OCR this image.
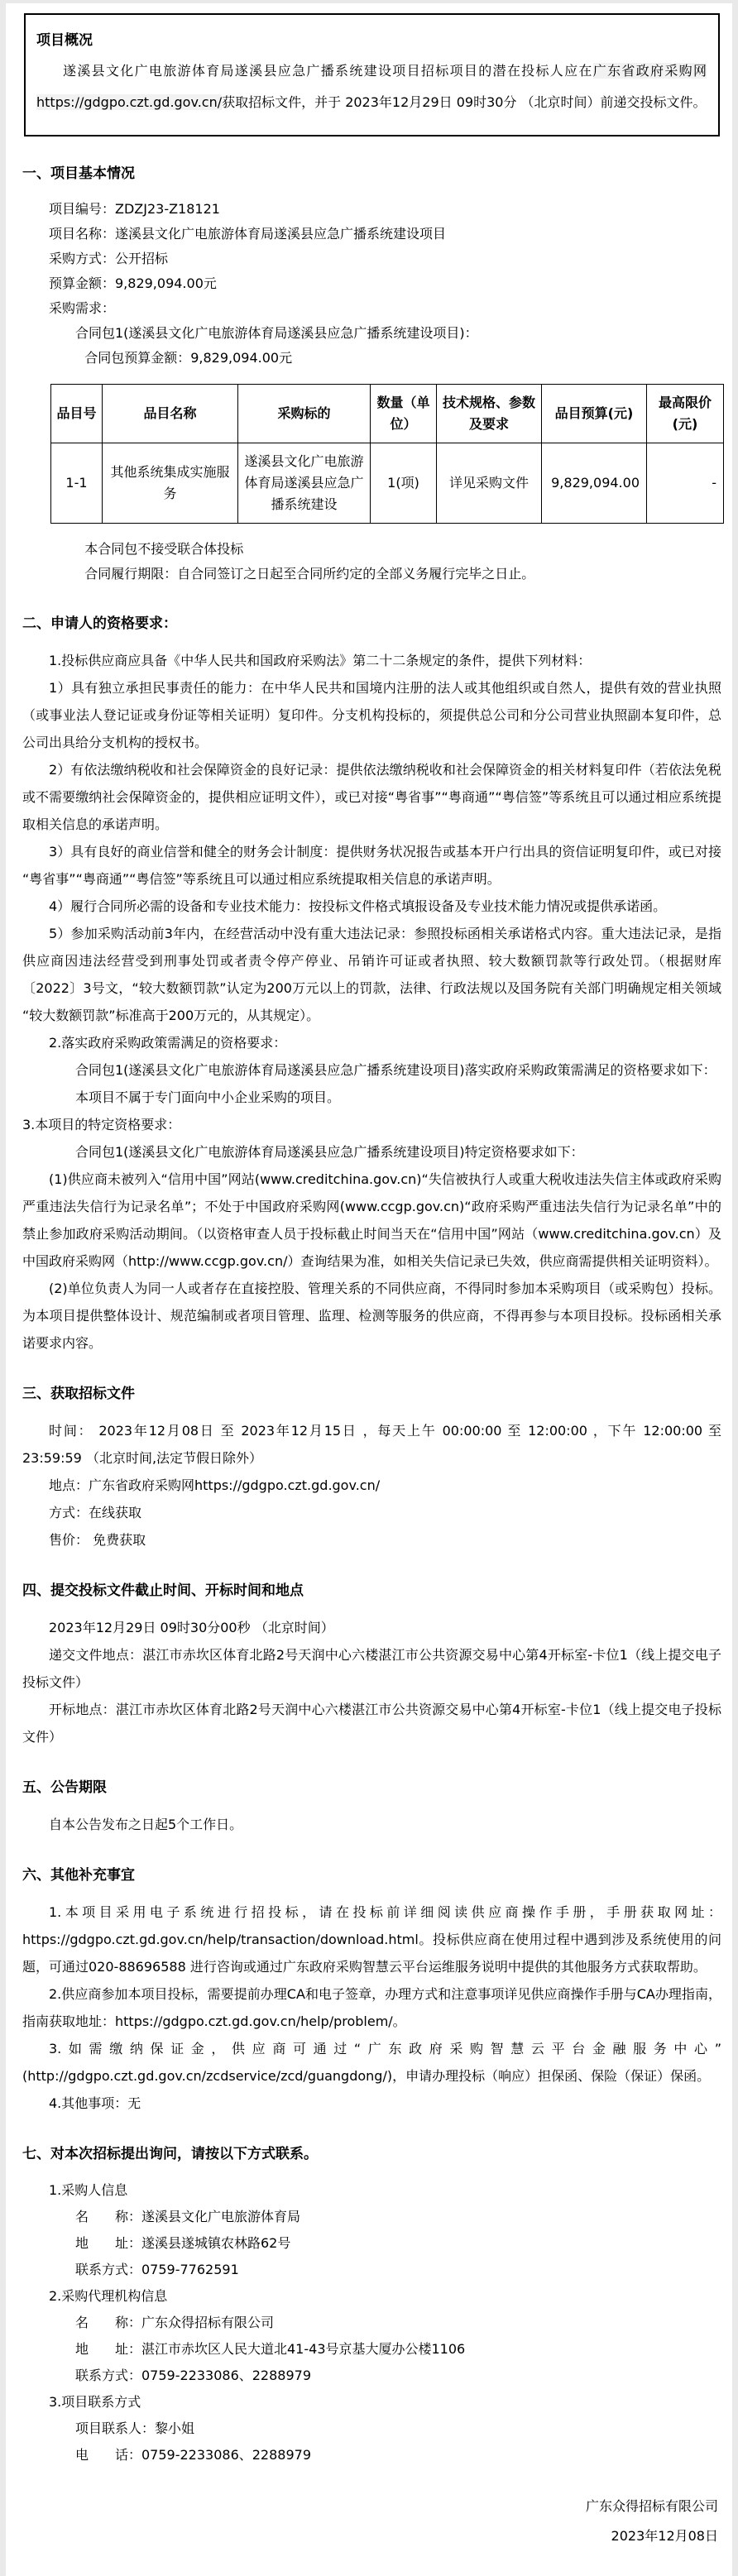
项目概况

遂溪县文化广电旅游体育局遂溪县应急广播系统建设项目招标项目的潜在投标人应在广东省政府采购网https://gdgpo.czt.gd.gov.cn/获取招标文件，并于 2023年12月29日 09时30分 （北京时间）前递交投标文件。

一、项目基本情况

项目编号：ZDZJ23-Z18121

项目名称：遂溪县文化广电旅游体育局遂溪县应急广播系统建设项目

采购方式：公开招标

预算金额：9,829,094.00元

采购需求：

合同包1(遂溪县文化广电旅游体育局遂溪县应急广播系统建设项目)：

合同包预算金额：9,829,094.00元

品目号	品目名称	采购标的	数量（单位）	技术规格、参数及要求	品目预算(元)	最高限价(元)
1-1	其他系统集成实施服务	遂溪县文化广电旅游体育局遂溪县应急广播系统建设	1(项)	详见采购文件	9,829,094.00	-

本合同包不接受联合体投标

合同履行期限：自合同签订之日起至合同所约定的全部义务履行完毕之日止。

二、申请人的资格要求：

1.投标供应商应具备《中华人民共和国政府采购法》第二十二条规定的条件，提供下列材料：

1）具有独立承担民事责任的能力：在中华人民共和国境内注册的法人或其他组织或自然人，提供有效的营业执照（或事业法人登记证或身份证等相关证明）复印件。分支机构投标的，须提供总公司和分公司营业执照副本复印件，总公司出具给分支机构的授权书。

2）有依法缴纳税收和社会保障资金的良好记录：提供依法缴纳税收和社会保障资金的相关材料复印件（若依法免税或不需要缴纳社会保障资金的，提供相应证明文件），或已对接“粤省事”“粤商通”“粤信签”等系统且可以通过相应系统提取相关信息的承诺声明。

3）具有良好的商业信誉和健全的财务会计制度：提供财务状况报告或基本开户行出具的资信证明复印件，或已对接“粤省事”“粤商通”“粤信签”等系统且可以通过相应系统提取相关信息的承诺声明。

4）履行合同所必需的设备和专业技术能力：按投标文件格式填报设备及专业技术能力情况或提供承诺函。

5）参加采购活动前3年内，在经营活动中没有重大违法记录：参照投标函相关承诺格式内容。重大违法记录，是指供应商因违法经营受到刑事处罚或者责令停产停业、吊销许可证或者执照、较大数额罚款等行政处罚。（根据财库〔2022〕3号文，“较大数额罚款”认定为200万元以上的罚款，法律、行政法规以及国务院有关部门明确规定相关领域“较大数额罚款”标准高于200万元的，从其规定）。

2.落实政府采购政策需满足的资格要求：

合同包1(遂溪县文化广电旅游体育局遂溪县应急广播系统建设项目)落实政府采购政策需满足的资格要求如下：

本项目不属于专门面向中小企业采购的项目。

3.本项目的特定资格要求：

合同包1(遂溪县文化广电旅游体育局遂溪县应急广播系统建设项目)特定资格要求如下：

(1)供应商未被列入“信用中国”网站(www.creditchina.gov.cn)“失信被执行人或重大税收违法失信主体或政府采购严重违法失信行为记录名单”；不处于中国政府采购网(www.ccgp.gov.cn)“政府采购严重违法失信行为记录名单”中的禁止参加政府采购活动期间。（以资格审查人员于投标截止时间当天在“信用中国”网站（www.creditchina.gov.cn）及中国政府采购网（http://www.ccgp.gov.cn/）查询结果为准，如相关失信记录已失效，供应商需提供相关证明资料）。

(2)单位负责人为同一人或者存在直接控股、管理关系的不同供应商，不得同时参加本采购项目（或采购包）投标。为本项目提供整体设计、规范编制或者项目管理、监理、检测等服务的供应商，不得再参与本项目投标。投标函相关承诺要求内容。

三、获取招标文件

时间： 2023年12月08日 至 2023年12月15日 ，每天上午 00:00:00 至 12:00:00 ，下午 12:00:00 至 23:59:59 （北京时间,法定节假日除外）

地点：广东省政府采购网https://gdgpo.czt.gd.gov.cn/

方式：在线获取

售价： 免费获取

四、提交投标文件截止时间、开标时间和地点

2023年12月29日 09时30分00秒 （北京时间）

递交文件地点：湛江市赤坎区体育北路2号天润中心六楼湛江市公共资源交易中心第4开标室-卡位1（线上提交电子投标文件）

开标地点：湛江市赤坎区体育北路2号天润中心六楼湛江市公共资源交易中心第4开标室-卡位1（线上提交电子投标文件）

五、公告期限

自本公告发布之日起5个工作日。

六、其他补充事宜

1.本项目采用电子系统进行招投标，请在投标前详细阅读供应商操作手册，手册获取网址：https://gdgpo.czt.gd.gov.cn/help/transaction/download.html。投标供应商在使用过程中遇到涉及系统使用的问题，可通过020-88696588 进行咨询或通过广东政府采购智慧云平台运维服务说明中提供的其他服务方式获取帮助。

2.供应商参加本项目投标，需要提前办理CA和电子签章，办理方式和注意事项详见供应商操作手册与CA办理指南，指南获取地址：https://gdgpo.czt.gd.gov.cn/help/problem/。

3.如需缴纳保证金，供应商可通过“广东政府采购智慧云平台金融服务中心”(http://gdgpo.czt.gd.gov.cn/zcdservice/zcd/guangdong/)，申请办理投标（响应）担保函、保险（保证）保函。

4.其他事项：无

七、对本次招标提出询问，请按以下方式联系。

1.采购人信息

名　　称：遂溪县文化广电旅游体育局

地　　址：遂溪县遂城镇农林路62号

联系方式：0759-7762591

2.采购代理机构信息

名　　称：广东众得招标有限公司

地　　址：湛江市赤坎区人民大道北41-43号京基大厦办公楼1106

联系方式：0759-2233086、2288979

3.项目联系方式

项目联系人：黎小姐

电　　话：0759-2233086、2288979

广东众得招标有限公司

2023年12月08日
